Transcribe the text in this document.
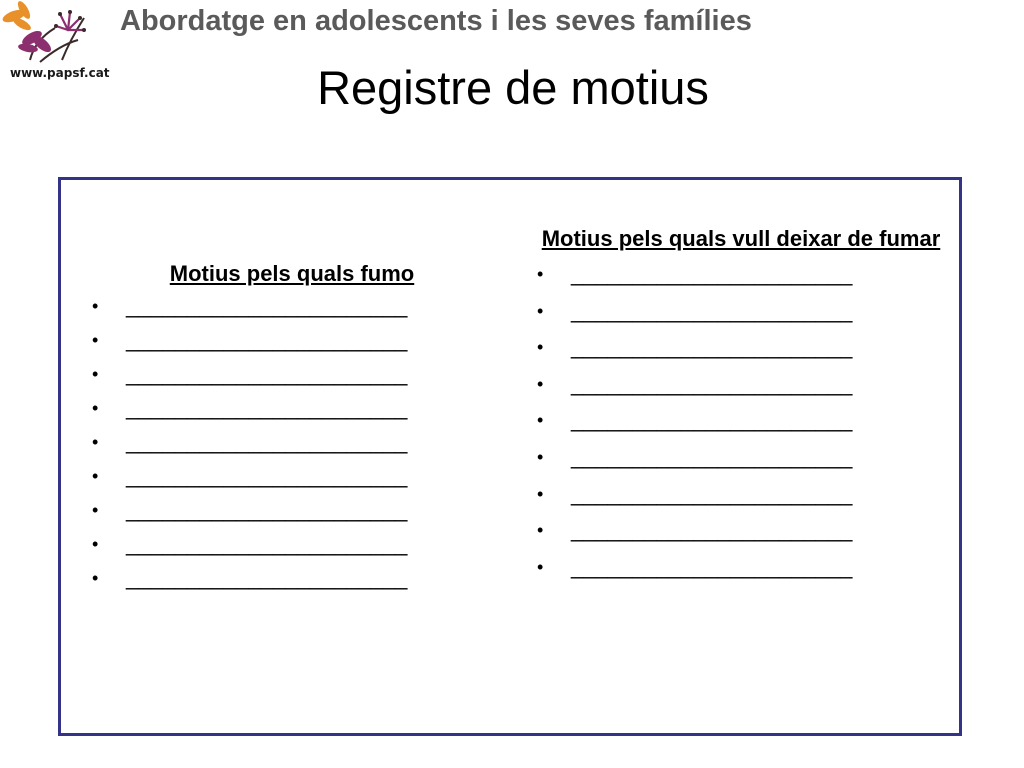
www.papsf.cat
Abordatge en adolescents i les seves famílies
Registre de motius

Motius pels quals fumo

• _______________________
• _______________________
• _______________________
• _______________________
• _______________________
• _______________________
• _______________________
• _______________________
• _______________________

Motius pels quals vull deixar de fumar

• _______________________
• _______________________
• _______________________
• _______________________
• _______________________
• _______________________
• _______________________
• _______________________
• _______________________
